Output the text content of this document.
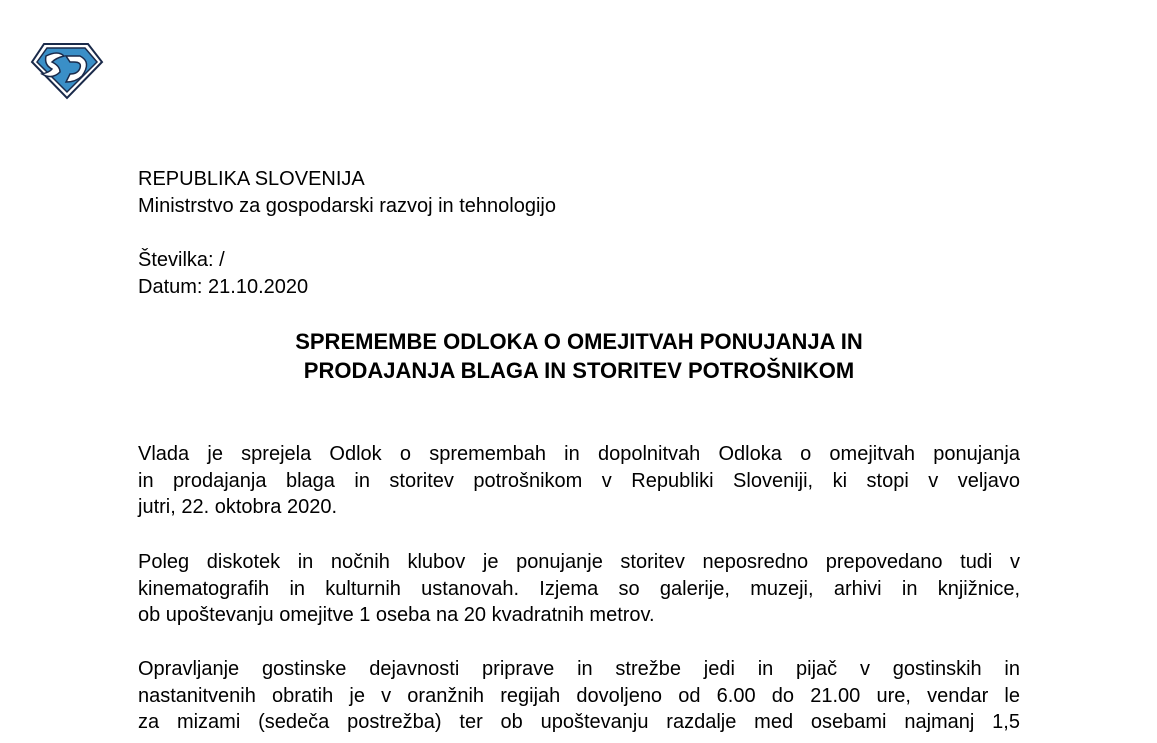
REPUBLIKA SLOVENIJA
Ministrstvo za gospodarski razvoj in tehnologijo
Številka: /
Datum: 21.10.2020
SPREMEMBE ODLOKA O OMEJITVAH PONUJANJA IN
PRODAJANJA BLAGA IN STORITEV POTROŠNIKOM
Vlada je sprejela Odlok o spremembah in dopolnitvah Odloka o omejitvah ponujanja
in prodajanja blaga in storitev potrošnikom v Republiki Sloveniji, ki stopi v veljavo
jutri, 22. oktobra 2020.
Poleg diskotek in nočnih klubov je ponujanje storitev neposredno prepovedano tudi v
kinematografih in kulturnih ustanovah. Izjema so galerije, muzeji, arhivi in knjižnice,
ob upoštevanju omejitve 1 oseba na 20 kvadratnih metrov.
Opravljanje gostinske dejavnosti priprave in strežbe jedi in pijač v gostinskih in
nastanitvenih obratih je v oranžnih regijah dovoljeno od 6.00 do 21.00 ure, vendar le
za mizami (sedeča postrežba) ter ob upoštevanju razdalje med osebami najmanj 1,5
